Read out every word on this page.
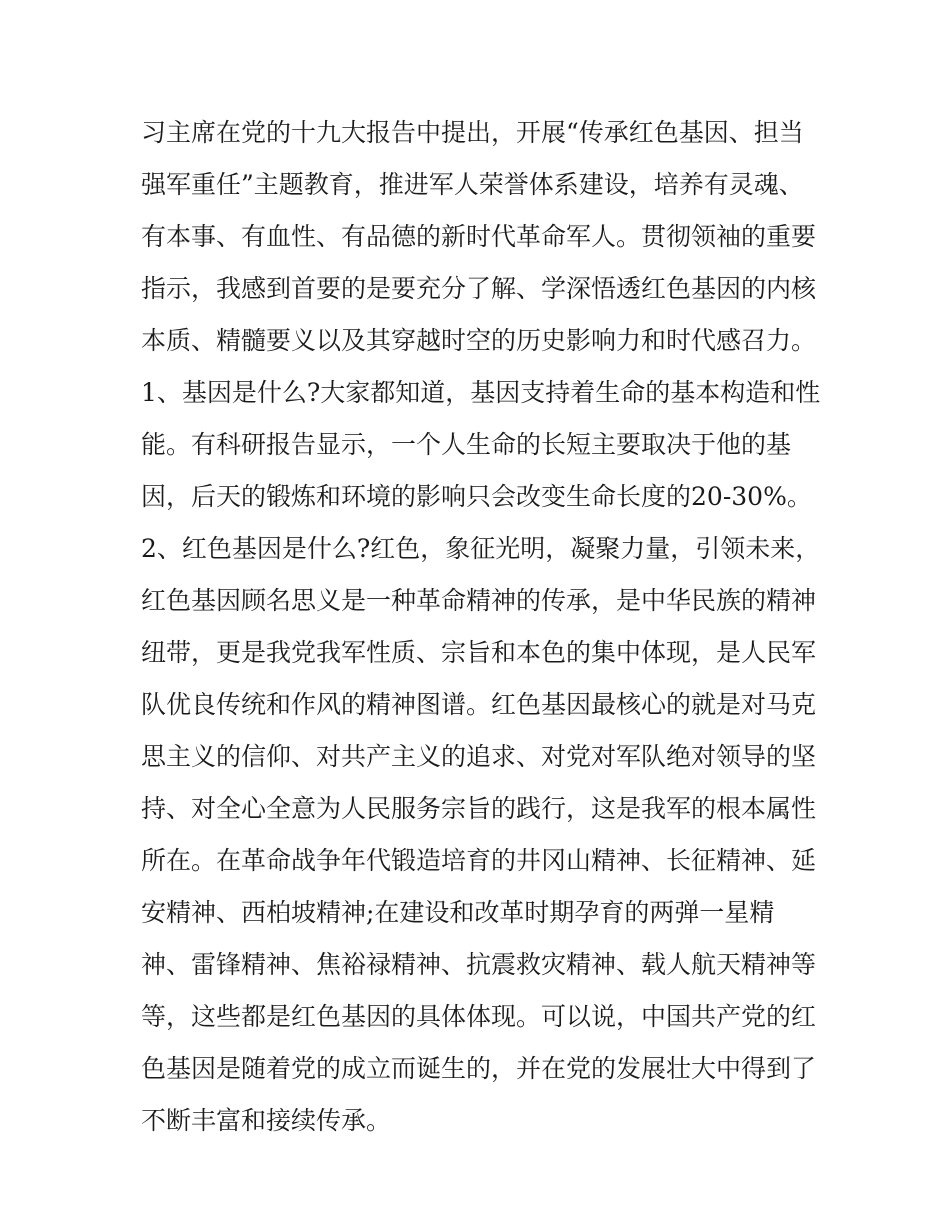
习主席在党的十九大报告中提出，开展“传承红色基因、担当
强军重任”主题教育，推进军人荣誉体系建设，培养有灵魂、
有本事、有血性、有品德的新时代革命军人。贯彻领袖的重要
指示，我感到首要的是要充分了解、学深悟透红色基因的内核
本质、精髓要义以及其穿越时空的历史影响力和时代感召力。
1、基因是什么?大家都知道，基因支持着生命的基本构造和性
能。有科研报告显示，一个人生命的长短主要取决于他的基
因，后天的锻炼和环境的影响只会改变生命长度的20-30%。
2、红色基因是什么?红色，象征光明，凝聚力量，引领未来，
红色基因顾名思义是一种革命精神的传承，是中华民族的精神
纽带，更是我党我军性质、宗旨和本色的集中体现，是人民军
队优良传统和作风的精神图谱。红色基因最核心的就是对马克
思主义的信仰、对共产主义的追求、对党对军队绝对领导的坚
持、对全心全意为人民服务宗旨的践行，这是我军的根本属性
所在。在革命战争年代锻造培育的井冈山精神、长征精神、延
安精神、西柏坡精神;在建设和改革时期孕育的两弹一星精
神、雷锋精神、焦裕禄精神、抗震救灾精神、载人航天精神等
等，这些都是红色基因的具体体现。可以说，中国共产党的红
色基因是随着党的成立而诞生的，并在党的发展壮大中得到了
不断丰富和接续传承。
